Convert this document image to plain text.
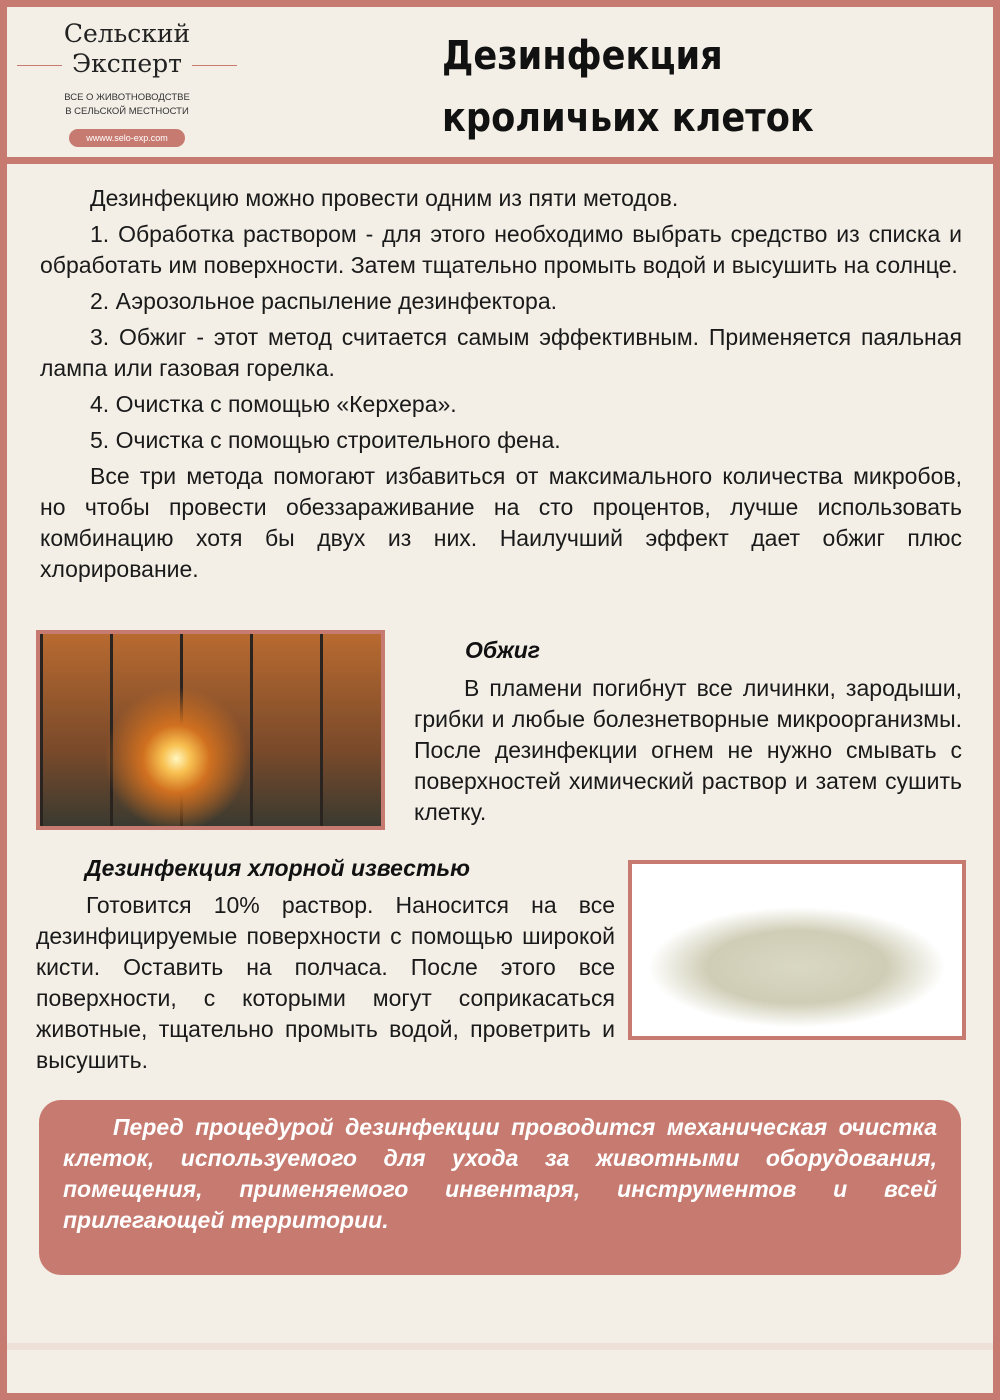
Сельский
Эксперт
ВСЕ О ЖИВОТНОВОДСТВЕ
В СЕЛЬСКОЙ МЕСТНОСТИ
wwww.selo-exp.com
Дезинфекция
кроличьих клеток

Дезинфекцию можно провести одним из пяти методов.

1. Обработка раствором - для этого необходимо выбрать средство из списка и обработать им поверхности. Затем тщательно промыть водой и высушить на солнце.

2. Аэрозольное распыление дезинфектора.

3. Обжиг - этот метод считается самым эффективным. Применяется паяльная лампа или газовая горелка.

4. Очистка с помощью «Керхера».

5. Очистка с помощью строительного фена.

Все три метода помогают избавиться от максимального количества микробов, но чтобы провести обеззараживание на сто процентов, лучше использовать комбинацию хотя бы двух из них. Наилучший эффект дает обжиг плюс хлорирование.

Обжиг

В пламени погибнут все личинки, зародыши, грибки и любые болезнетворные микроорганизмы. После дезинфекции огнем не нужно смывать с поверхностей химический раствор и затем сушить клетку.

Дезинфекция хлорной известью

Готовится 10% раствор. Наносится на все дезинфицируемые поверхности с помощью широкой кисти. Оставить на полчаса. После этого все поверхности, с которыми могут соприкасаться животные, тщательно промыть водой, проветрить и высушить.

Перед процедурой дезинфекции проводится механическая очистка клеток, используемого для ухода за животными оборудования, помещения, применяемого инвентаря, инструментов и всей прилегающей территории.
